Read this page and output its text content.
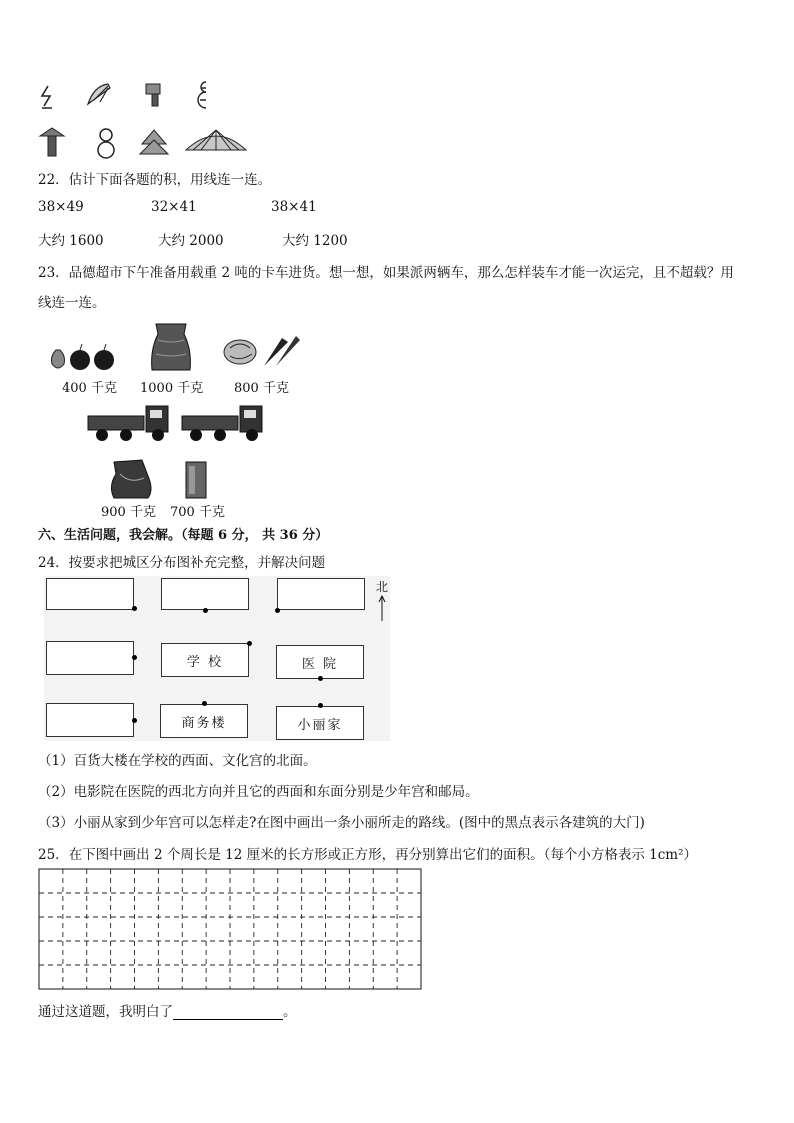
22．估计下面各题的积，用线连一连。
38×49	32×41	38×41
大约 1600	大约 2000	大约 1200
23．品德超市下午准备用载重 2 吨的卡车进货。想一想，如果派两辆车，那么怎样装车才能一次运完，且不超载？用
线连一连。
400 千克 1000 千克 800 千克
900 千克 700 千克
六、生活问题，我会解。（每题 6 分， 共 36 分）
24．按要求把城区分布图补充完整，并解决问题
北
学 校	医 院
商务楼	小丽家
（1）百货大楼在学校的西面、文化宫的北面。
（2）电影院在医院的西北方向并且它的西面和东面分别是少年宫和邮局。
（3）小丽从家到少年宫可以怎样走?在图中画出一条小丽所走的路线。(图中的黑点表示各建筑的大门)
25．在下图中画出 2 个周长是 12 厘米的长方形或正方形，再分别算出它们的面积。（每个小方格表示 1cm²）
通过这道题，我明白了	。
